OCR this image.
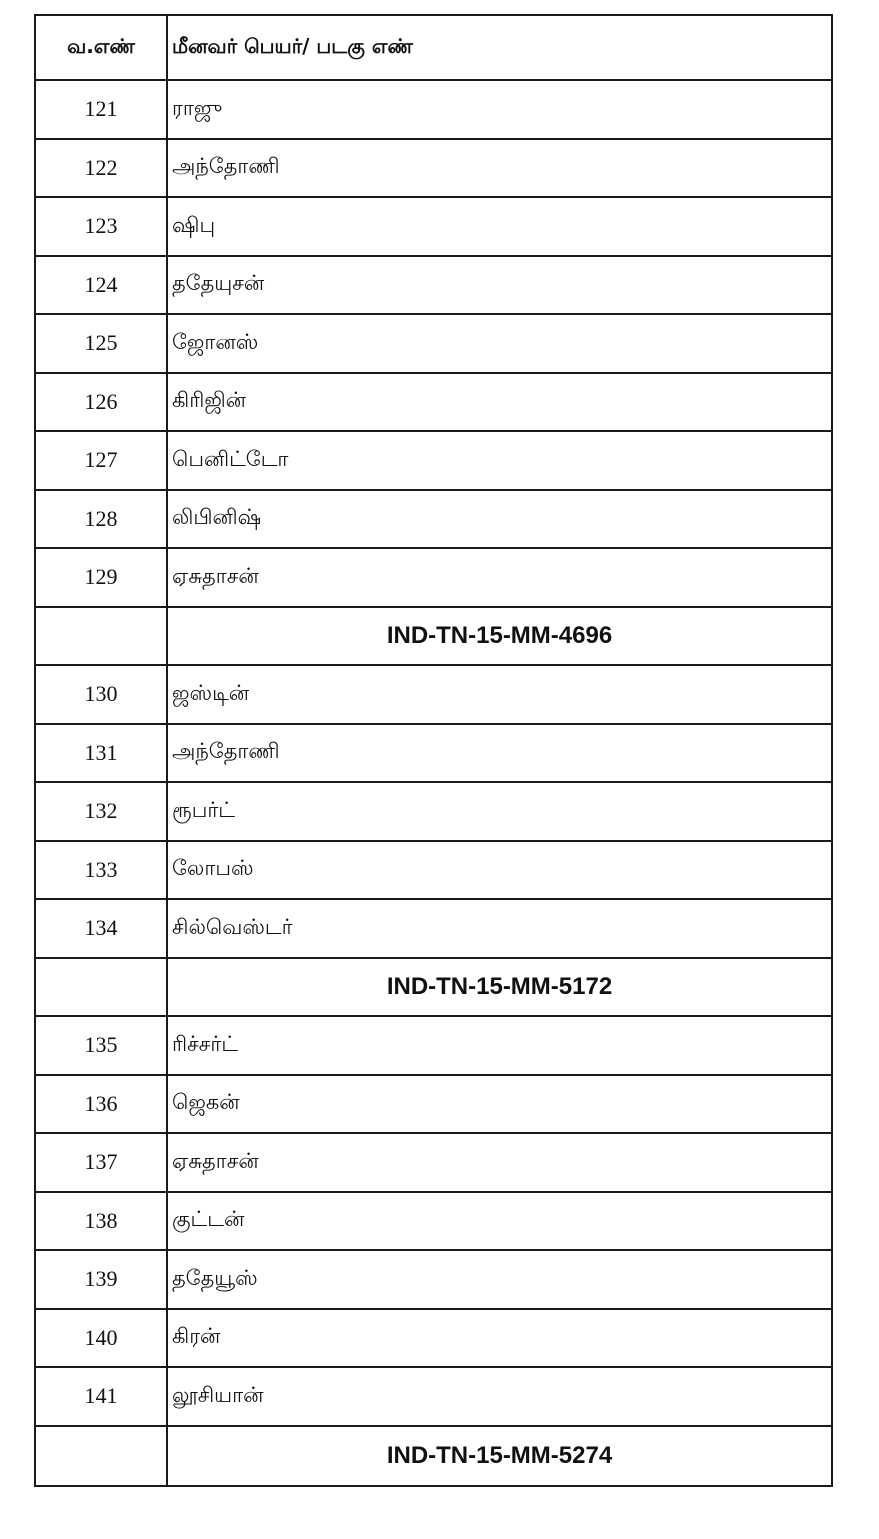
வ.எண்	மீனவர் பெயர்/ படகு எண்
121	ராஜு
122	அந்தோணி
123	ஷிபு
124	ததேயுசன்
125	ஜோனஸ்
126	கிரிஜின்
127	பெனிட்டோ
128	லிபினிஷ்
129	ஏசுதாசன்
	IND-TN-15-MM-4696
130	ஜஸ்டின்
131	அந்தோணி
132	ரூபர்ட்
133	லோபஸ்
134	சில்வெஸ்டர்
	IND-TN-15-MM-5172
135	ரிச்சர்ட்
136	ஜெகன்
137	ஏசுதாசன்
138	குட்டன்
139	ததேயூஸ்
140	கிரன்
141	லூசியான்
	IND-TN-15-MM-5274
